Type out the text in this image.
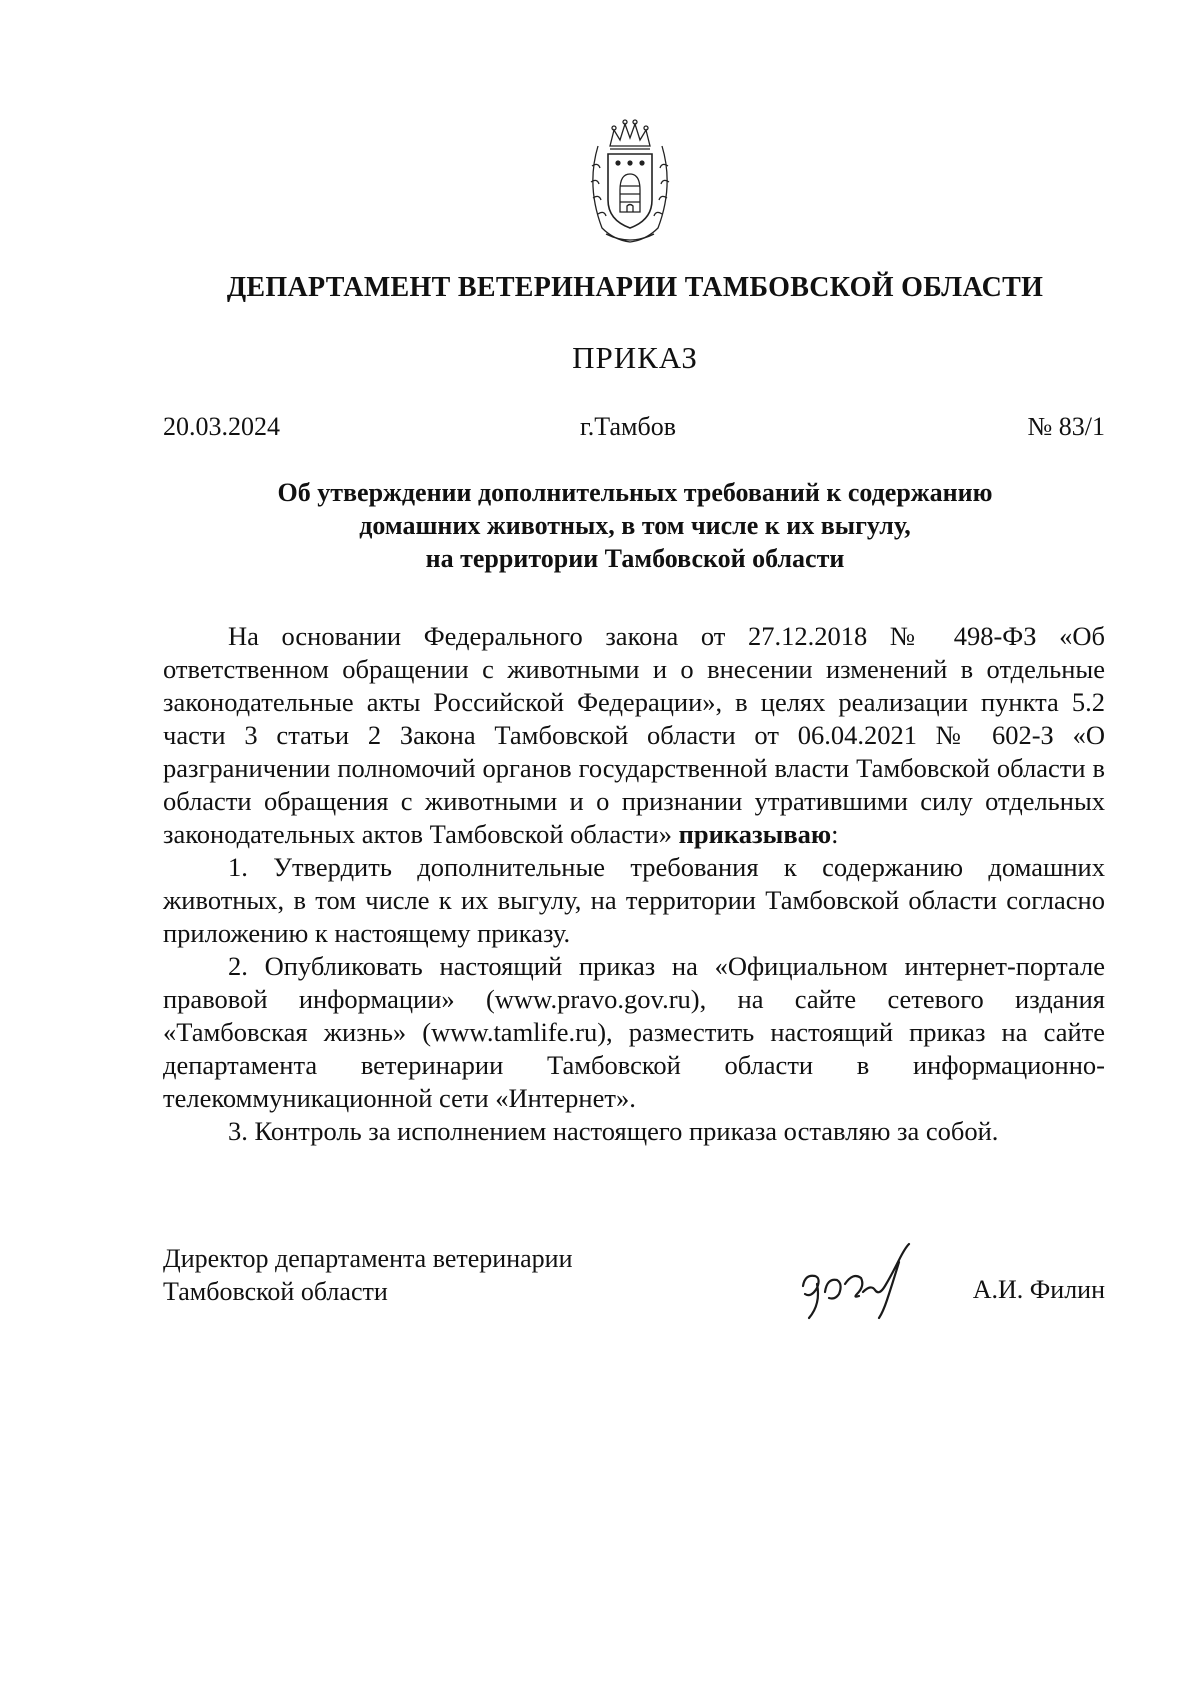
ДЕПАРТАМЕНТ ВЕТЕРИНАРИИ ТАМБОВСКОЙ ОБЛАСТИ
ПРИКАЗ
20.03.2024	г.Тамбов	№ 83/1
Об утверждении дополнительных требований к содержанию
домашних животных, в том числе к их выгулу,
на территории Тамбовской области

На основании Федерального закона от 27.12.2018 № 498-ФЗ «Об ответственном обращении с животными и о внесении изменений в отдельные законодательные акты Российской Федерации», в целях реализации пункта 5.2 части 3 статьи 2 Закона Тамбовской области от 06.04.2021 № 602-З «О разграничении полномочий органов государственной власти Тамбовской области в области обращения с животными и о признании утратившими силу отдельных законодательных актов Тамбовской области» приказываю:

1. Утвердить дополнительные требования к содержанию домашних животных, в том числе к их выгулу, на территории Тамбовской области согласно приложению к настоящему приказу.

2. Опубликовать настоящий приказ на «Официальном интернет-портале правовой информации» (www.pravo.gov.ru), на сайте сетевого издания «Тамбовская жизнь» (www.tamlife.ru), разместить настоящий приказ на сайте департамента ветеринарии Тамбовской области в информационно-телекоммуникационной сети «Интернет».

3. Контроль за исполнением настоящего приказа оставляю за собой.

Директор департамента ветеринарии
Тамбовской области	А.И. Филин
